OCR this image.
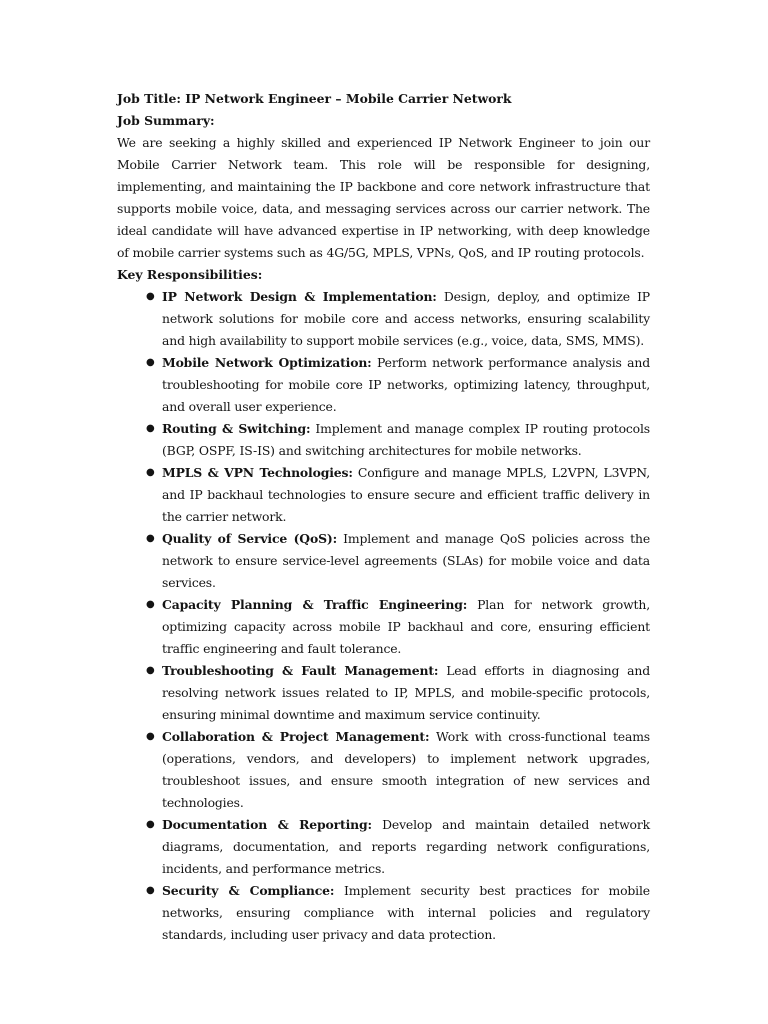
Job Title: IP Network Engineer – Mobile Carrier Network

Job Summary:

We are seeking a highly skilled and experienced IP Network Engineer to join our Mobile Carrier Network team. This role will be responsible for designing, implementing, and maintaining the IP backbone and core network infrastructure that supports mobile voice, data, and messaging services across our carrier network. The ideal candidate will have advanced expertise in IP networking, with deep knowledge of mobile carrier systems such as 4G/5G, MPLS, VPNs, QoS, and IP routing protocols.

Key Responsibilities:

● IP Network Design & Implementation: Design, deploy, and optimize IP network solutions for mobile core and access networks, ensuring scalability and high availability to support mobile services (e.g., voice, data, SMS, MMS).
● Mobile Network Optimization: Perform network performance analysis and troubleshooting for mobile core IP networks, optimizing latency, throughput, and overall user experience.
● Routing & Switching: Implement and manage complex IP routing protocols (BGP, OSPF, IS-IS) and switching architectures for mobile networks.
● MPLS & VPN Technologies: Configure and manage MPLS, L2VPN, L3VPN, and IP backhaul technologies to ensure secure and efficient traffic delivery in the carrier network.
● Quality of Service (QoS): Implement and manage QoS policies across the network to ensure service-level agreements (SLAs) for mobile voice and data services.
● Capacity Planning & Traffic Engineering: Plan for network growth, optimizing capacity across mobile IP backhaul and core, ensuring efficient traffic engineering and fault tolerance.
● Troubleshooting & Fault Management: Lead efforts in diagnosing and resolving network issues related to IP, MPLS, and mobile-specific protocols, ensuring minimal downtime and maximum service continuity.
● Collaboration & Project Management: Work with cross-functional teams (operations, vendors, and developers) to implement network upgrades, troubleshoot issues, and ensure smooth integration of new services and technologies.
● Documentation & Reporting: Develop and maintain detailed network diagrams, documentation, and reports regarding network configurations, incidents, and performance metrics.
● Security & Compliance: Implement security best practices for mobile networks, ensuring compliance with internal policies and regulatory standards, including user privacy and data protection.
